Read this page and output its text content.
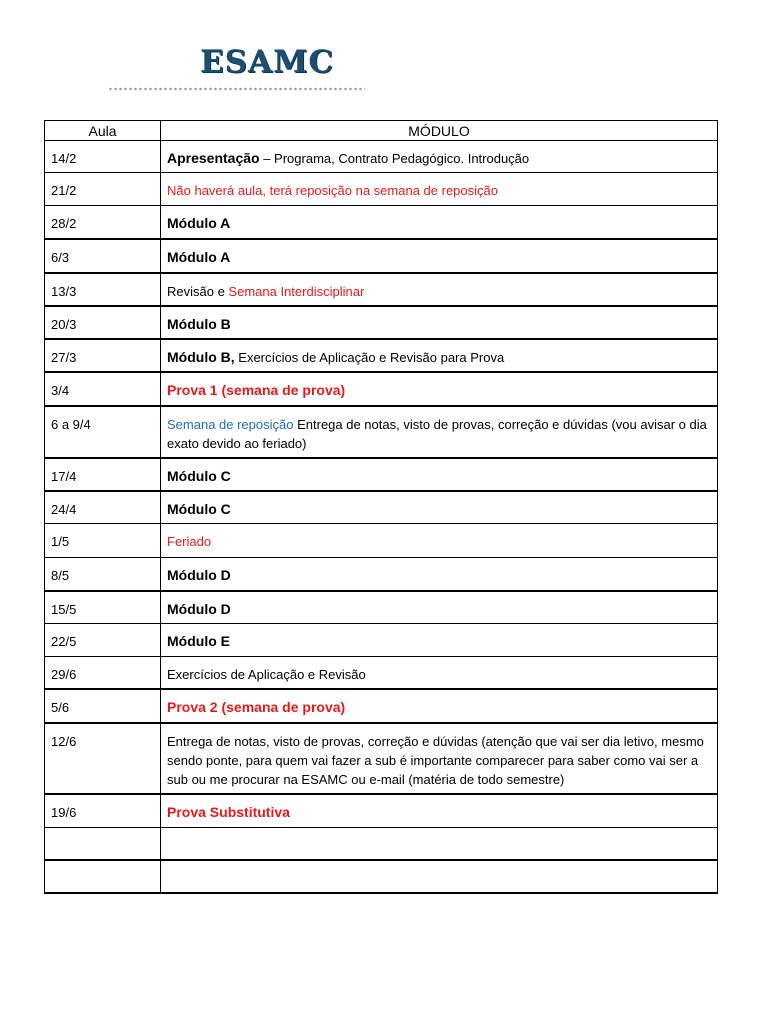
ESAMC
Aula	MÓDULO
14/2	Apresentação – Programa, Contrato Pedagógico. Introdução
21/2	Não haverá aula, terá reposição na semana de reposição
28/2	Módulo A
6/3	Módulo A
13/3	Revisão e Semana Interdisciplinar
20/3	Módulo B
27/3	Módulo B, Exercícios de Aplicação e Revisão para Prova
3/4	Prova 1 (semana de prova)
6 a 9/4	Semana de reposição Entrega de notas, visto de provas, correção e dúvidas (vou avisar o dia exato devido ao feriado)
17/4	Módulo C
24/4	Módulo C
1/5	Feriado
8/5	Módulo D
15/5	Módulo D
22/5	Módulo E
29/6	Exercícios de Aplicação e Revisão
5/6	Prova 2 (semana de prova)
12/6	Entrega de notas, visto de provas, correção e dúvidas (atenção que vai ser dia letivo, mesmo sendo ponte, para quem vai fazer a sub é importante comparecer para saber como vai ser a sub ou me procurar na ESAMC ou e-mail (matéria de todo semestre)
19/6	Prova Substitutiva
